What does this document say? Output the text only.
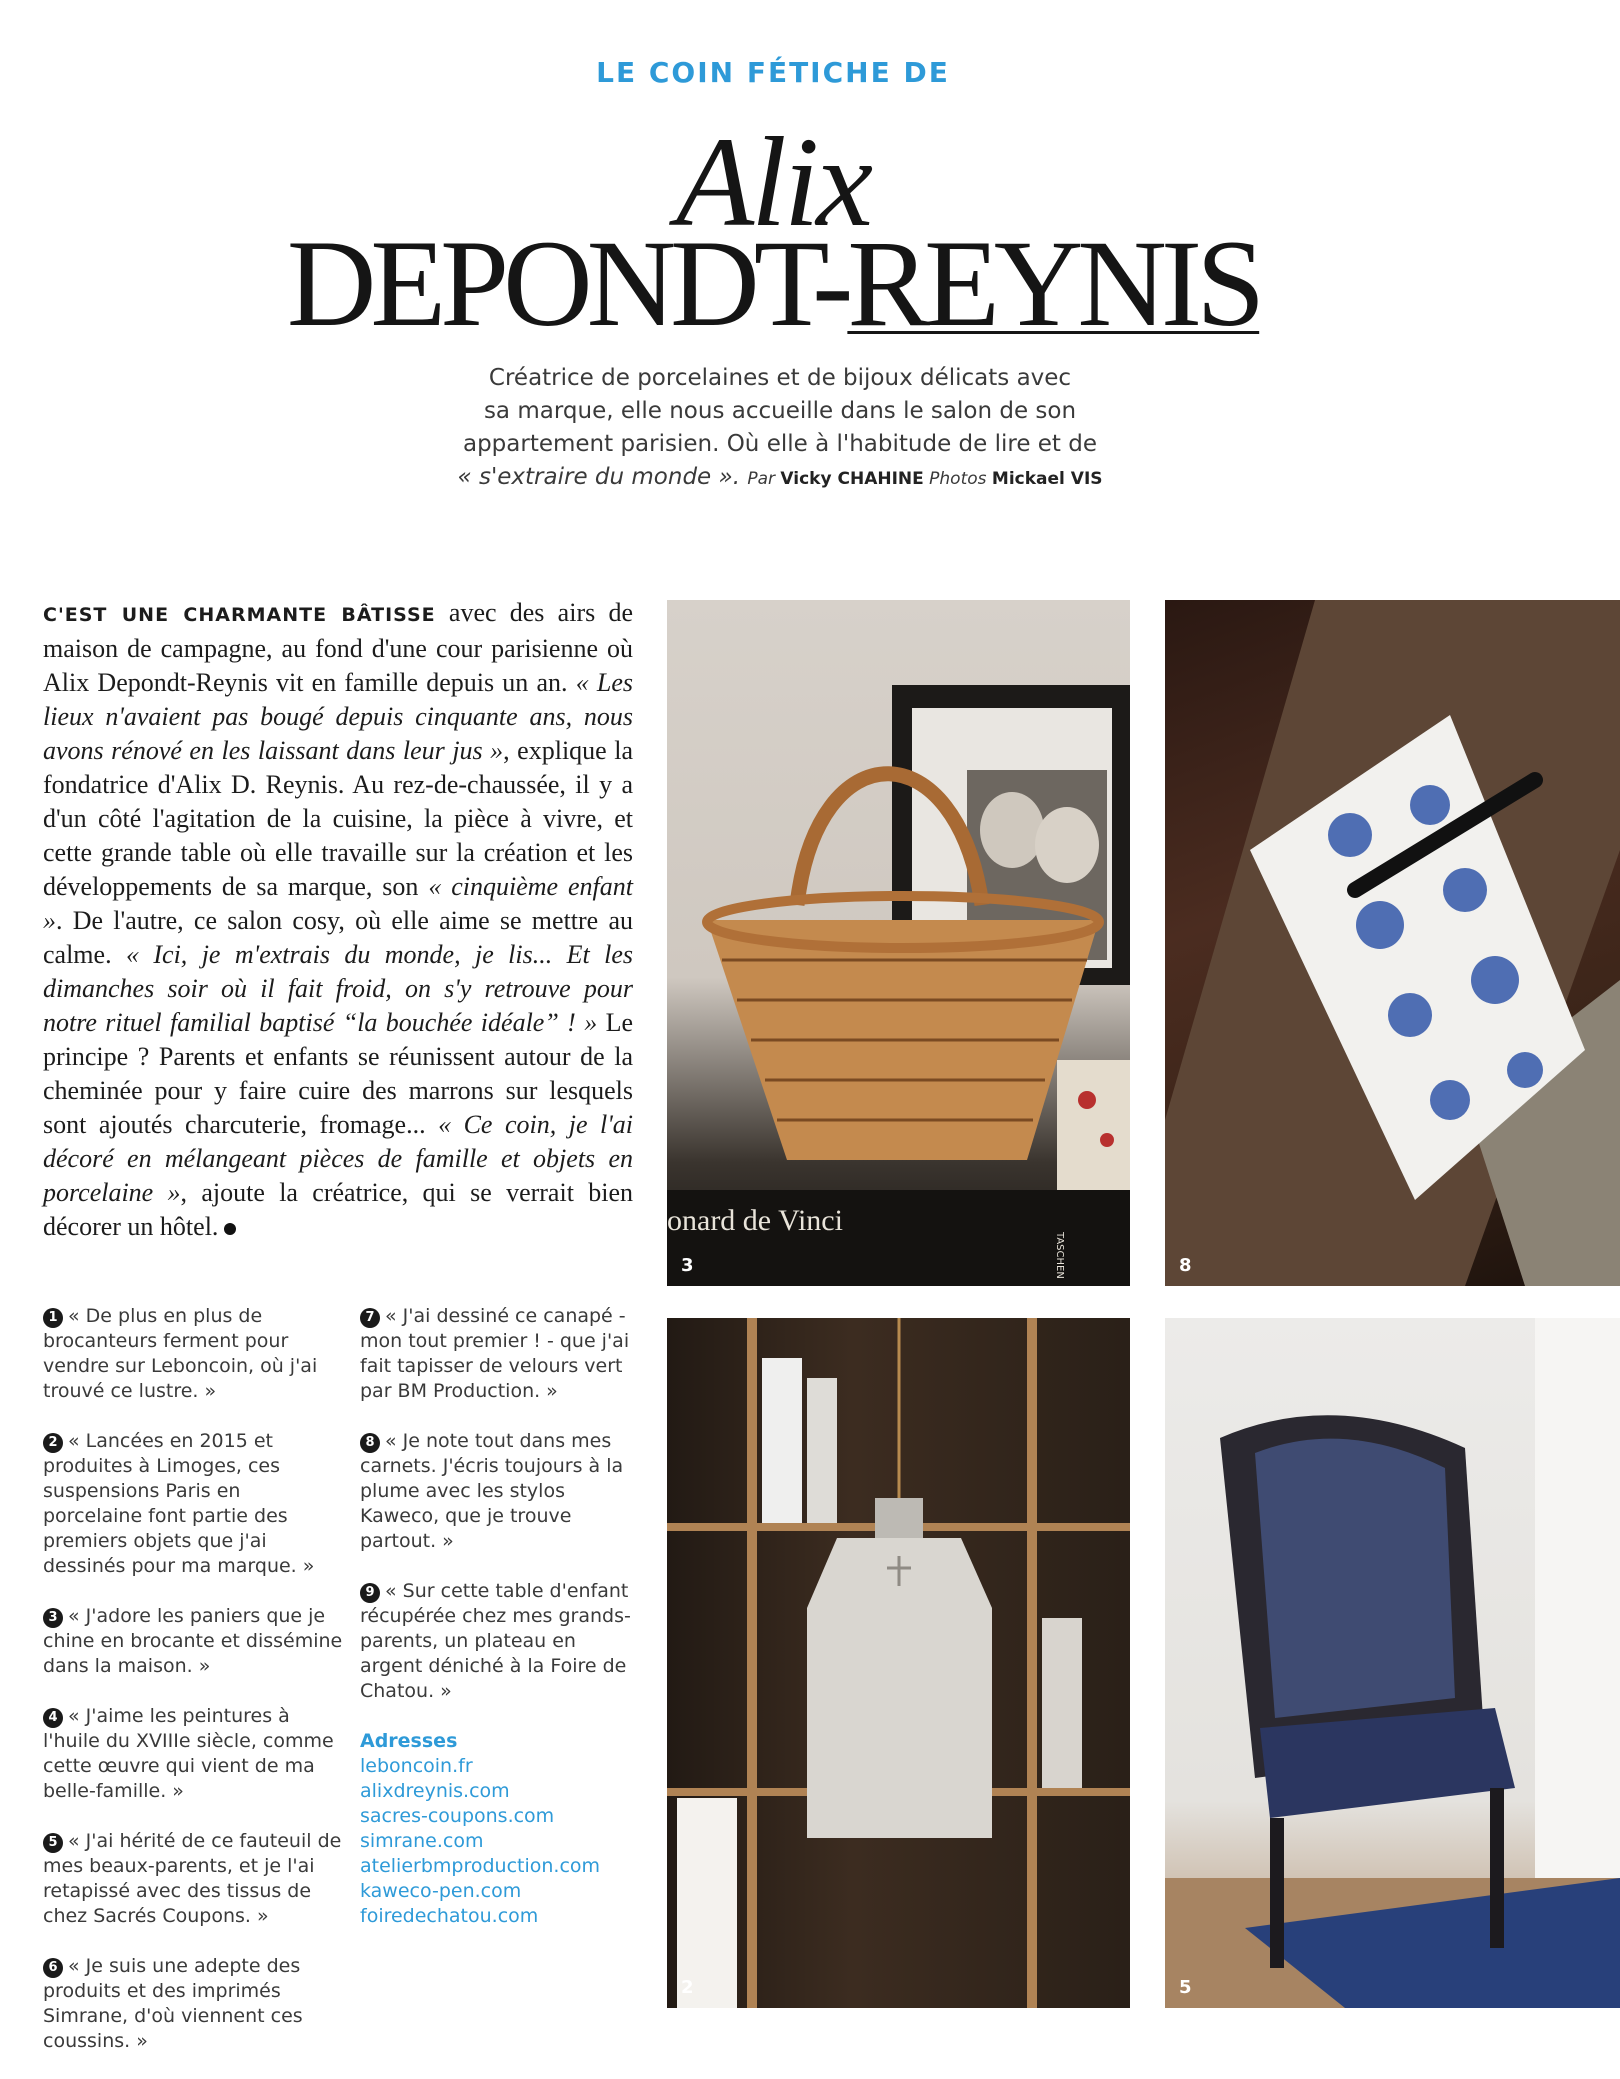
LE COIN FÉTICHE DE
Alix
DEPONDT-REYNIS
Créatrice de porcelaines et de bijoux délicats avec
sa marque, elle nous accueille dans le salon de son
appartement parisien. Où elle à l'habitude de lire et de
« s'extraire du monde ». Par Vicky CHAHINE Photos Mickael VIS
C'EST UNE CHARMANTE BÂTISSE avec des airs de maison de campagne, au fond d'une cour parisienne où Alix Depondt-Reynis vit en famille depuis un an. « Les lieux n'avaient pas bougé depuis cinquante ans, nous avons rénové en les laissant dans leur jus », explique la fondatrice d'Alix D. Reynis. Au rez-de-chaussée, il y a d'un côté l'agitation de la cuisine, la pièce à vivre, et cette grande table où elle travaille sur la création et les développements de sa marque, son « cinquième enfant ». De l'autre, ce salon cosy, où elle aime se mettre au calme. « Ici, je m'extrais du monde, je lis... Et les dimanches soir où il fait froid, on s'y retrouve pour notre rituel familial baptisé “la bouchée idéale” ! » Le principe ? Parents et enfants se réunissent autour de la cheminée pour y faire cuire des marrons sur lesquels sont ajoutés charcuterie, fromage... « Ce coin, je l'ai décoré en mélangeant pièces de famille et objets en porcelaine », ajoute la créatrice, qui se verrait bien décorer un hôtel.

1 « De plus en plus de brocanteurs ferment pour vendre sur Leboncoin, où j'ai trouvé ce lustre. »

2 « Lancées en 2015 et produites à Limoges, ces suspensions Paris en porcelaine font partie des premiers objets que j'ai dessinés pour ma marque. »

3 « J'adore les paniers que je chine en brocante et dissémine dans la maison. »

4 « J'aime les peintures à l'huile du XVIIIe siècle, comme cette œuvre qui vient de ma belle-famille. »

5 « J'ai hérité de ce fauteuil de mes beaux-parents, et je l'ai retapissé avec des tissus de chez Sacrés Coupons. »

6 « Je suis une adepte des produits et des imprimés Simrane, d'où viennent ces coussins. »

7 « J'ai dessiné ce canapé - mon tout premier ! - que j'ai fait tapisser de velours vert par BM Production. »

8 « Je note tout dans mes carnets. J'écris toujours à la plume avec les stylos Kaweco, que je trouve partout. »

9 « Sur cette table d'enfant récupérée chez mes grands-parents, un plateau en argent déniché à la Foire de Chatou. »

Adresses
leboncoin.fr
alixdreynis.com
sacres-coupons.com
simrane.com
atelierbmproduction.com
kaweco-pen.com
foiredechatou.com
onard de Vinci
TASCHEN
3	8
2	5
